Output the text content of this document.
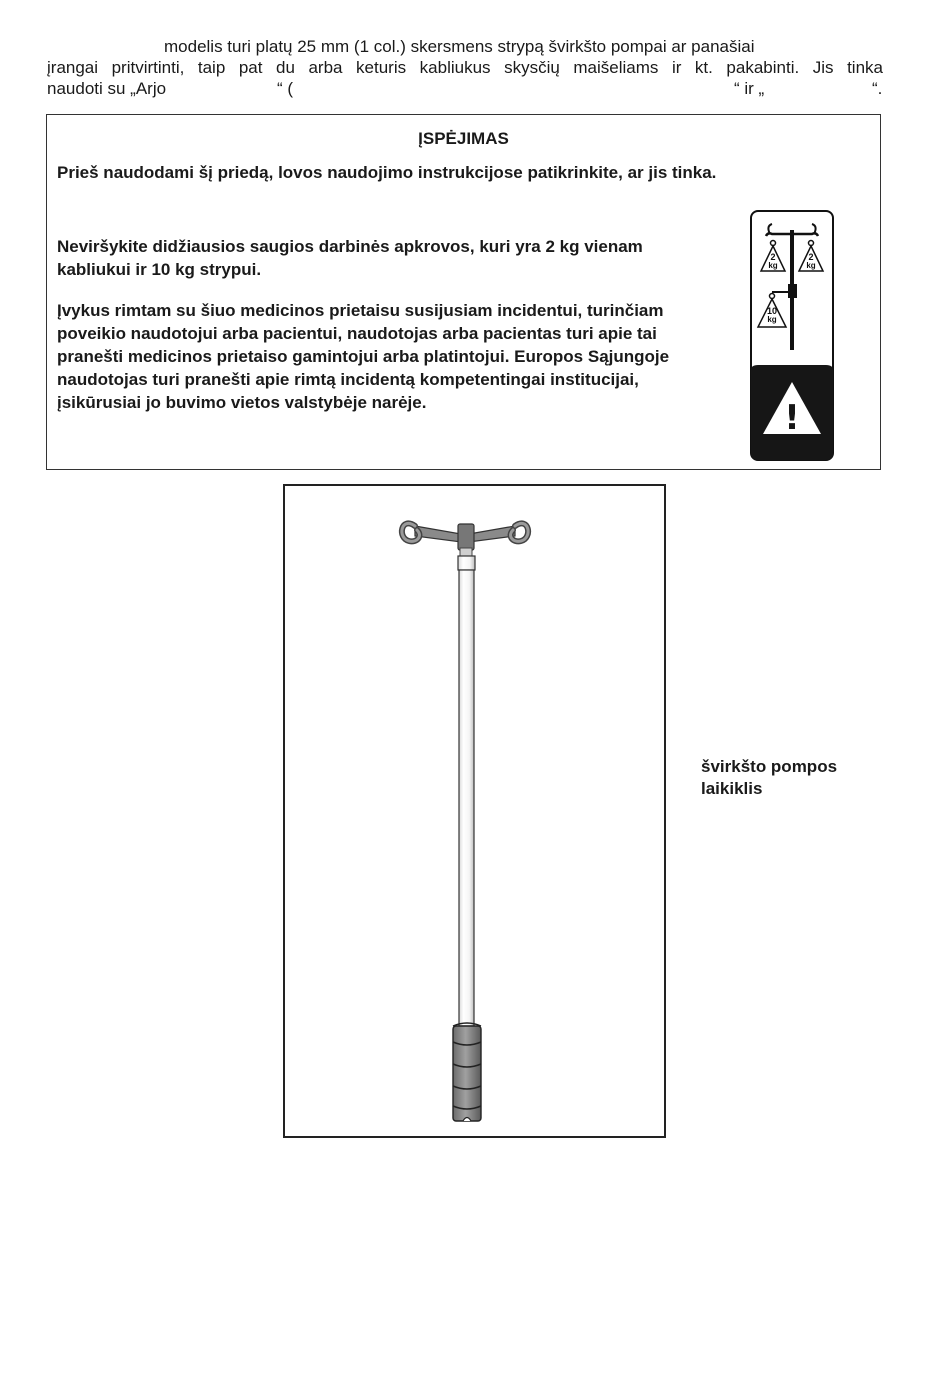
modelis turi platų 25 mm (1 col.) skersmens strypą švirkšto pompai ar panašiai
įrangai pritvirtinti, taip pat du arba keturis kabliukus skysčių maišeliams ir kt. pakabinti. Jis tinka
naudoti su „Arjo	“ (	“ ir „	“.
ĮSPĖJIMAS
Prieš naudodami šį priedą, lovos naudojimo instrukcijose patikrinkite, ar jis tinka.
Neviršykite didžiausios saugios darbinės apkrovos, kuri yra 2 kg vienam kabliukui ir 10 kg strypui.
Įvykus rimtam su šiuo medicinos prietaisu susijusiam incidentui, turinčiam poveikio naudotojui arba pacientui, naudotojas arba pacientas turi apie tai pranešti medicinos prietaiso gamintojui arba platintojui. Europos Sąjungoje naudotojas turi pranešti apie rimtą incidentą kompetentingai institucijai, įsikūrusiai jo buvimo vietos valstybėje narėje.
2
kg
2
kg
10
kg
!
švirkšto pompos laikiklis
